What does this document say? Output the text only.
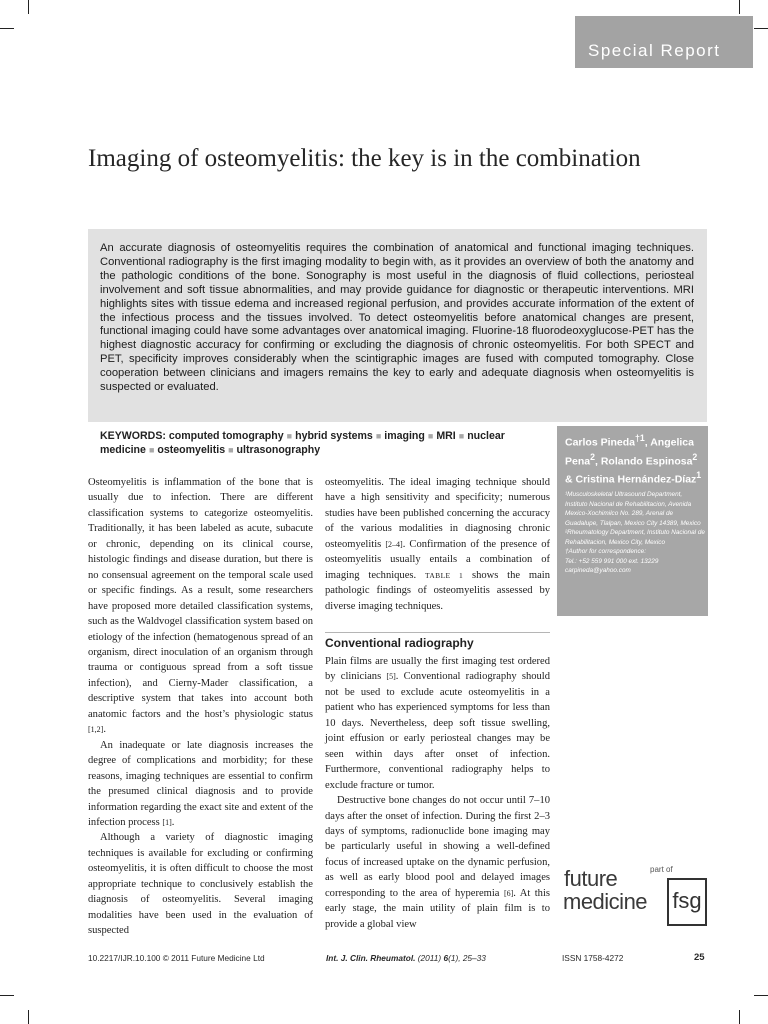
Special Report
Imaging of osteomyelitis: the key is in the combination
An accurate diagnosis of osteomyelitis requires the combination of anatomical and functional imaging techniques. Conventional radiography is the first imaging modality to begin with, as it provides an overview of both the anatomy and the pathologic conditions of the bone. Sonography is most useful in the diagnosis of fluid collections, periosteal involvement and soft tissue abnormalities, and may provide guidance for diagnostic or therapeutic interventions. MRI highlights sites with tissue edema and increased regional perfusion, and provides accurate information of the extent of the infectious process and the tissues involved. To detect osteomyelitis before anatomical changes are present, functional imaging could have some advantages over anatomical imaging. Fluorine-18 fluorodeoxyglucose-PET has the highest diagnostic accuracy for confirming or excluding the diagnosis of chronic osteomyelitis. For both SPECT and PET, specificity improves considerably when the scintigraphic images are fused with computed tomography. Close cooperation between clinicians and imagers remains the key to early and adequate diagnosis when osteomyelitis is suspected or evaluated.
KEYWORDS: computed tomography ■ hybrid systems ■ imaging ■ MRI ■ nuclear medicine ■ osteomyelitis ■ ultrasonography
Carlos Pineda$^{\dagger 1}$, Angelica Pena$^2$, Rolando Espinosa$^2$ & Cristina Hernández-Díaz$^1$

¹Musculoskeletal Ultrasound Department, Instituto Nacional de Rehabilitacion, Avenida Mexico-Xochimilco No. 289, Arenal de Guadalupe, Tlalpan, Mexico City 14389, Mexico

²Rheumatology Department, Instituto Nacional de Rehabilitacion, Mexico City, Mexico

†Author for correspondence:

Tel.: +52 559 991 000 ext. 13229

carpineda@yahoo.com

Osteomyelitis is inflammation of the bone that is usually due to infection. There are different classification systems to categorize osteomyelitis. Traditionally, it has been labeled as acute, subacute or chronic, depending on its clinical course, histologic findings and disease duration, but there is no consensual agreement on the temporal scale used or specific findings. As a result, some researchers have proposed more detailed classification systems, such as the Waldvogel classification system based on etiology of the infection (hematogenous spread of an organism, direct inoculation of an organism through trauma or contiguous spread from a soft tissue infection), and Cierny-Mader classification, a descriptive system that takes into account both anatomic factors and the host’s physiologic status [1,2].

An inadequate or late diagnosis increases the degree of complications and morbidity; for these reasons, imaging techniques are essential to confirm the presumed clinical diagnosis and to provide information regarding the exact site and extent of the infection process [1].

Although a variety of diagnostic imaging techniques is available for excluding or confirming osteomyelitis, it is often difficult to choose the most appropriate technique to conclusively establish the diagnosis of osteomyelitis. Several imaging modalities have been used in the evaluation of suspected

osteomyelitis. The ideal imaging technique should have a high sensitivity and specificity; numerous studies have been published concerning the accuracy of the various modalities in diagnosing chronic osteomyelitis [2–4]. Confirmation of the presence of osteomyelitis usually entails a combination of imaging techniques. TABLE 1 shows the main pathologic findings of osteomyelitis assessed by diverse imaging techniques.

Conventional radiography

Plain films are usually the first imaging test ordered by clinicians [5]. Conventional radiography should not be used to exclude acute osteomyelitis in a patient who has experienced symptoms for less than 10 days. Nevertheless, deep soft tissue swelling, joint effusion or early periosteal changes may be seen within days after onset of infection. Furthermore, conventional radiography helps to exclude fracture or tumor.

Destructive bone changes do not occur until 7–10 days after the onset of infection. During the first 2–3 days of symptoms, radionuclide bone imaging may be particularly useful in showing a well-defined focus of increased uptake on the dynamic perfusion, as well as early blood pool and delayed images corresponding to the area of hyperemia [6]. At this early stage, the main utility of plain film is to provide a global view

future
medicine
part of
fsg
10.2217/IJR.10.100 © 2011 Future Medicine Ltd	Int. J. Clin. Rheumatol. (2011) 6(1), 25–33	ISSN 1758-4272	25
